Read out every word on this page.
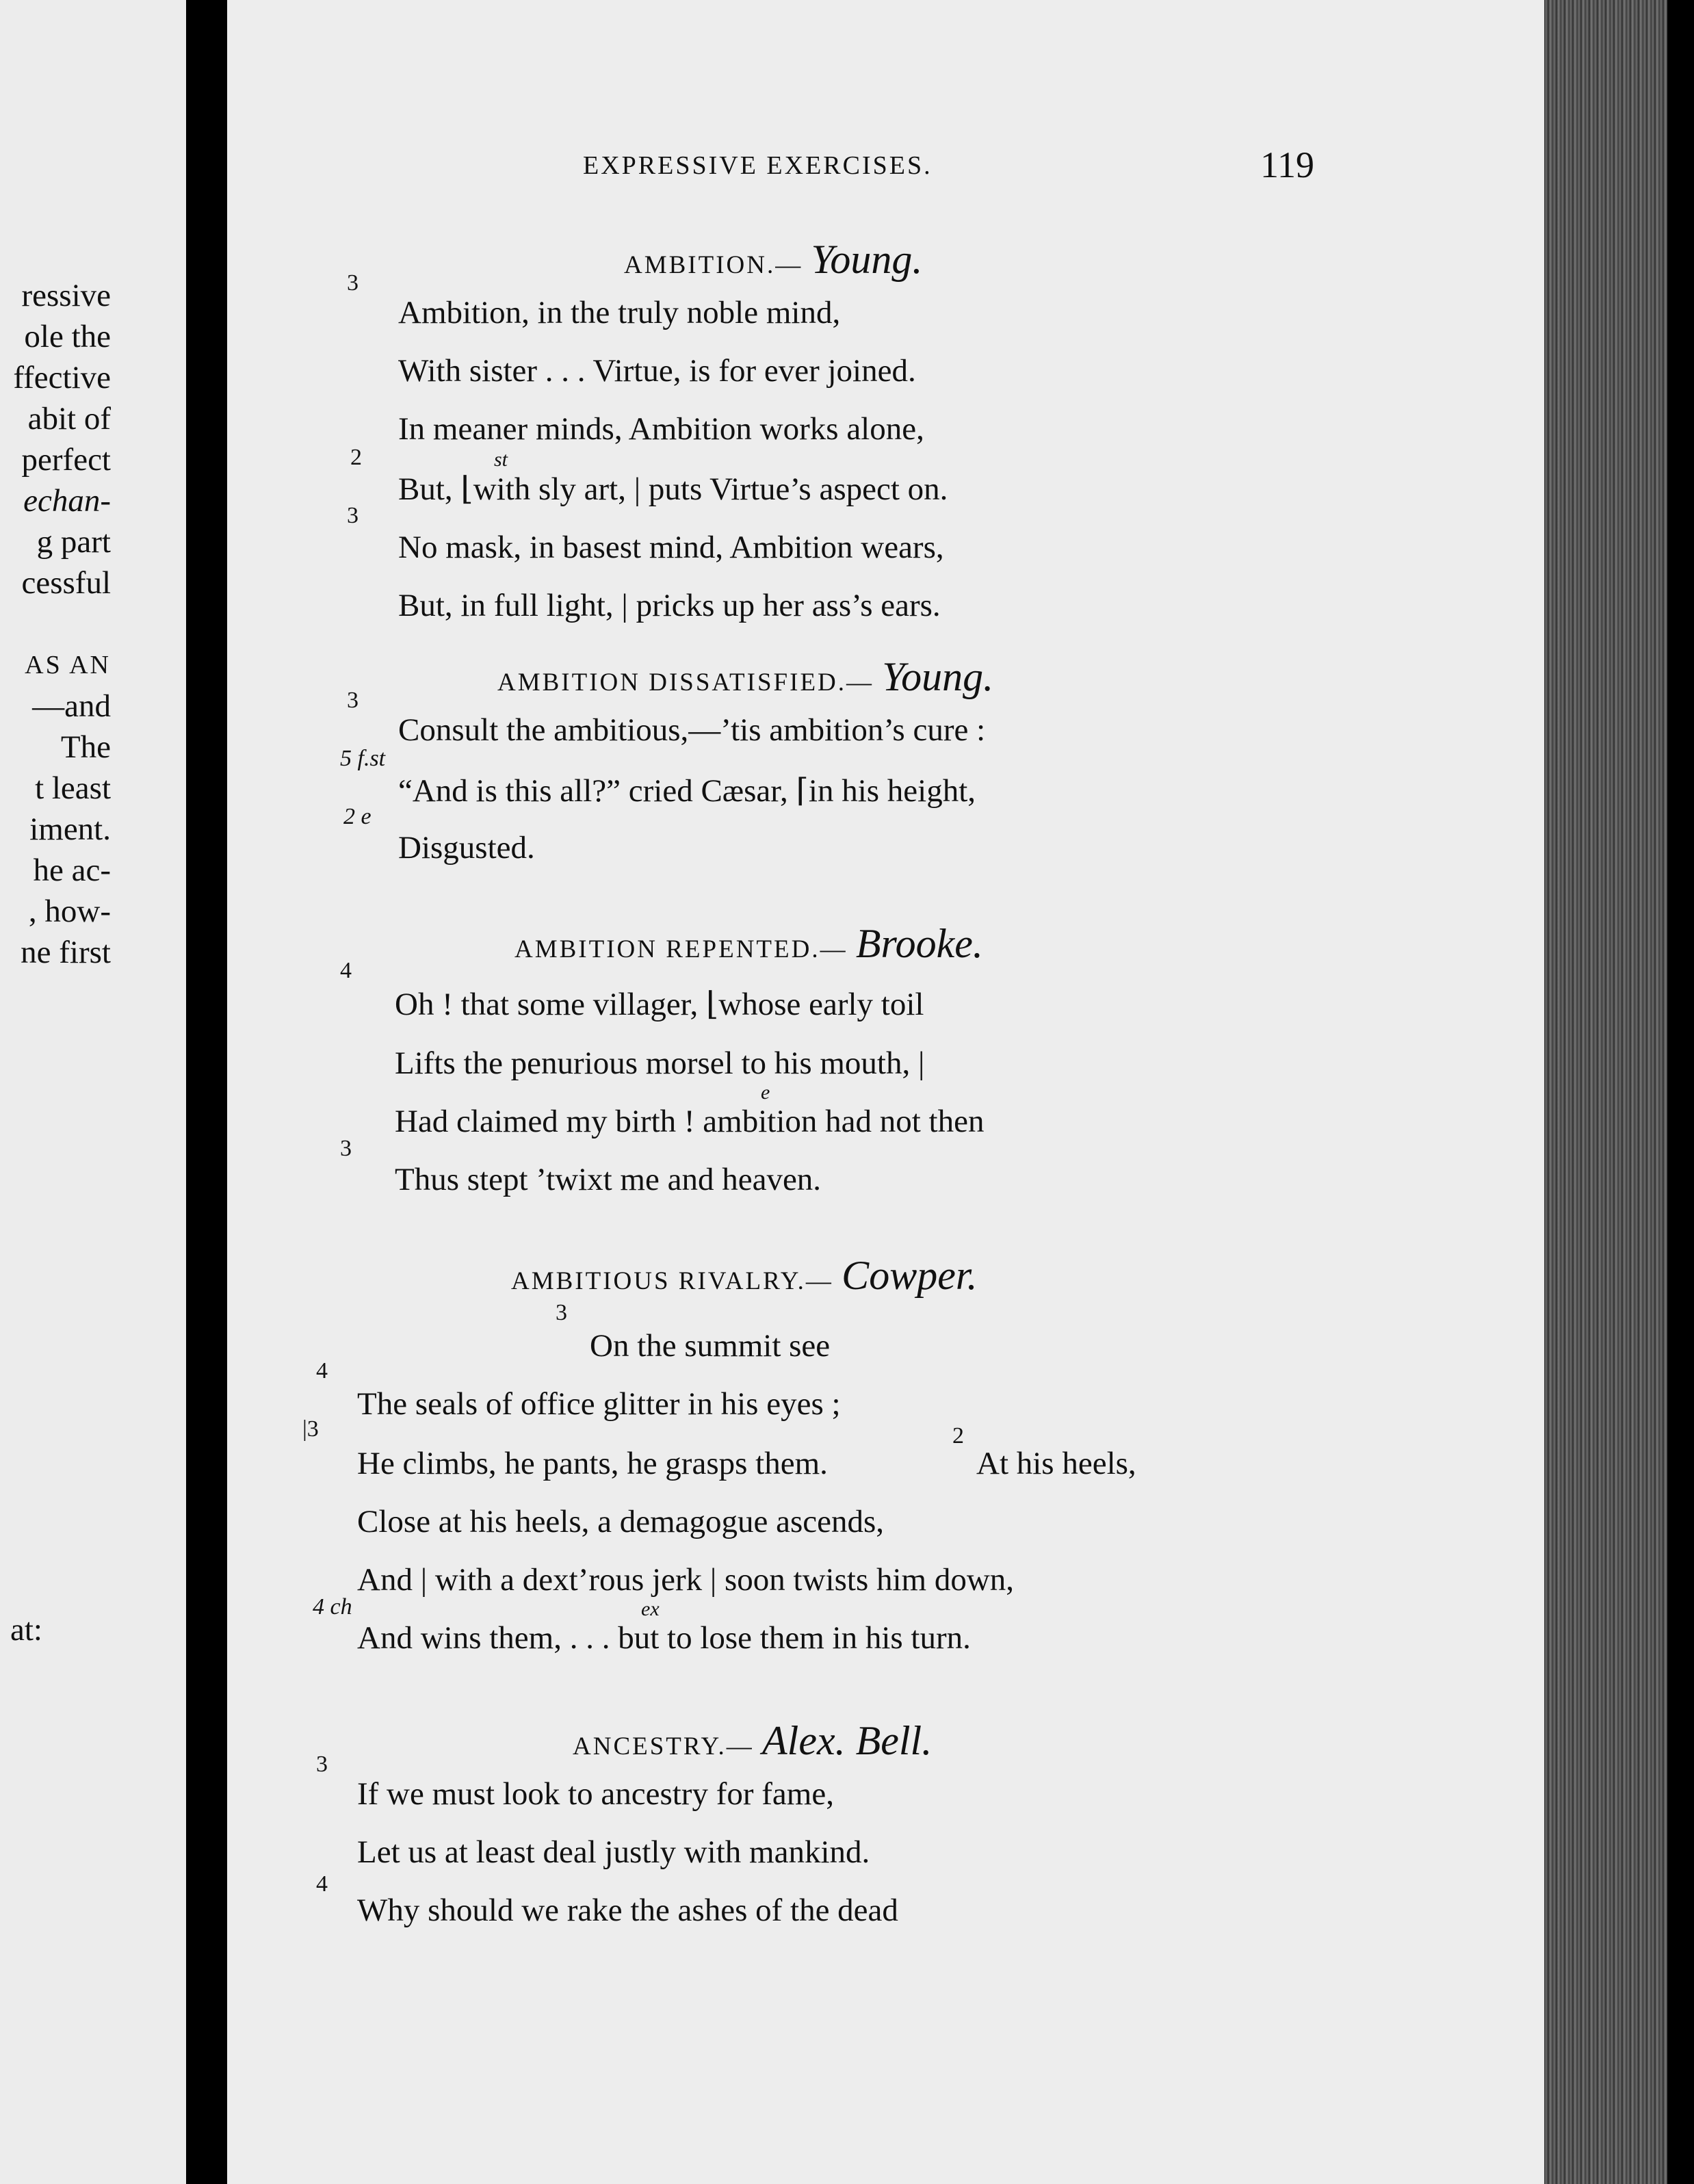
ressive
ole the
ffective
abit of
perfect
echan-
g part
cessful
AS AN
—and
The
t least
iment.
he ac-
, how-
ne first
at:
EXPRESSIVE EXERCISES.	119
AMBITION.— Young.
3
Ambition, in the truly noble mind,
With sister . . . Virtue, is for ever joined.
In meaner minds, Ambition works alone,
st
2
But, ⌊with sly art, | puts Virtue’s aspect on.
3
No mask, in basest mind, Ambition wears,
But, in full light, | pricks up her ass’s ears.
AMBITION DISSATISFIED.— Young.
3
Consult the ambitious,—’tis ambition’s cure :
5 f.st
“And is this all?” cried Cæsar, ⌈in his height,
2 e
Disgusted.
AMBITION REPENTED.— Brooke.
4
Oh ! that some villager, ⌊whose early toil
Lifts the penurious morsel to his mouth, |
e
Had claimed my birth ! ambition had not then
3
Thus stept ’twixt me and heaven.
AMBITIOUS RIVALRY.— Cowper.
3
On the summit see
4
The seals of office glitter in his eyes ;
|3
He climbs, he pants, he grasps them.
2
At his heels,
Close at his heels, a demagogue ascends,
And | with a dext’rous jerk | soon twists him down,
4 ch	ex
And wins them, . . . but to lose them in his turn.
ANCESTRY.— Alex. Bell.
3
If we must look to ancestry for fame,
Let us at least deal justly with mankind.
4
Why should we rake the ashes of the dead
